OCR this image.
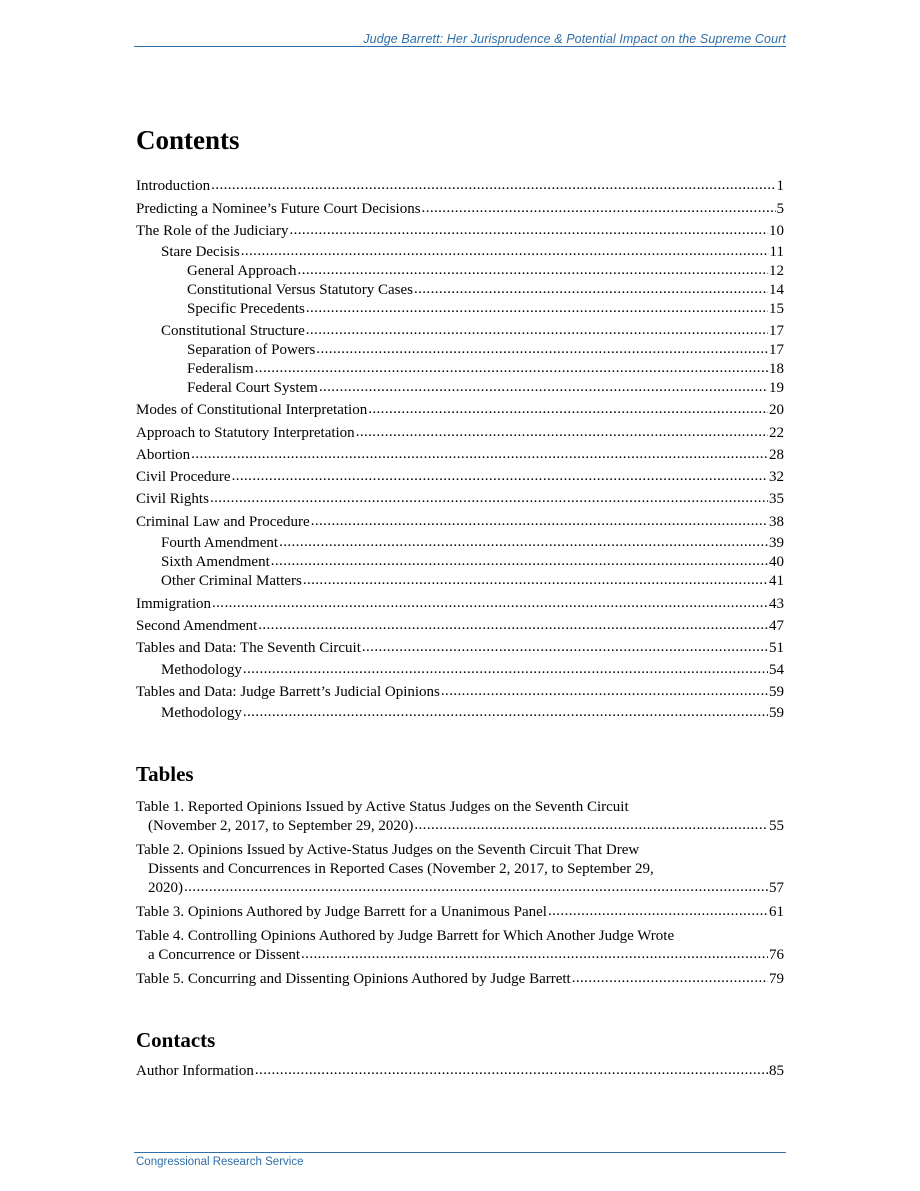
Judge Barrett: Her Jurisprudence & Potential Impact on the Supreme Court
Contents
Introduction .....	1
Predicting a Nominee’s Future Court Decisions .....	5
The Role of the Judiciary .....	10
Stare Decisis .....	11
General Approach .....	12
Constitutional Versus Statutory Cases .....	14
Specific Precedents .....	15
Constitutional Structure .....	17
Separation of Powers .....	17
Federalism .....	18
Federal Court System .....	19
Modes of Constitutional Interpretation .....	20
Approach to Statutory Interpretation .....	22
Abortion .....	28
Civil Procedure .....	32
Civil Rights .....	35
Criminal Law and Procedure .....	38
Fourth Amendment .....	39
Sixth Amendment .....	40
Other Criminal Matters .....	41
Immigration .....	43
Second Amendment .....	47
Tables and Data: The Seventh Circuit .....	51
Methodology .....	54
Tables and Data: Judge Barrett’s Judicial Opinions .....	59
Methodology .....	59
Tables
Table 1. Reported Opinions Issued by Active Status Judges on the Seventh Circuit
(November 2, 2017, to September 29, 2020) .....	55
Table 2. Opinions Issued by Active-Status Judges on the Seventh Circuit That Drew
Dissents and Concurrences in Reported Cases (November 2, 2017, to September 29,
2020) .....	57
Table 3. Opinions Authored by Judge Barrett for a Unanimous Panel .....	61
Table 4. Controlling Opinions Authored by Judge Barrett for Which Another Judge Wrote
a Concurrence or Dissent .....	76
Table 5. Concurring and Dissenting Opinions Authored by Judge Barrett .....	79
Contacts
Author Information .....	85
Congressional Research Service
